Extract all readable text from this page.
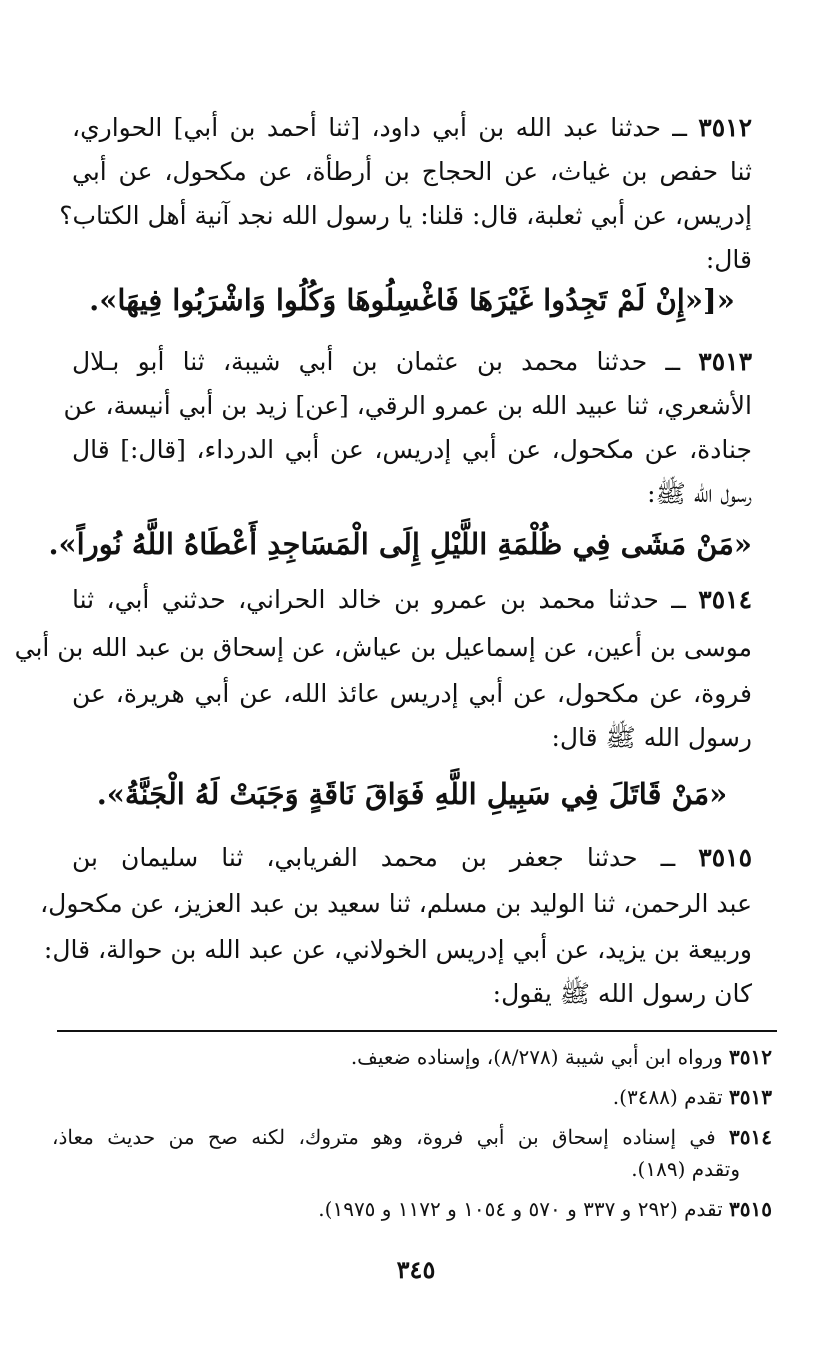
٣٥١٢ ــ حدثنا عبد الله بن أبي داود، [ثنا أحمد بن أبي] الحواري،
ثنا حفص بن غياث، عن الحجاج بن أرطأة، عن مكحول، عن أبي
إدريس، عن أبي ثعلبة، قال: قلنا: يا رسول الله نجد آنية أهل الكتاب؟
قال:
«[«إِنْ لَمْ تَجِدُوا غَيْرَهَا فَاغْسِلُوهَا وَكُلُوا وَاشْرَبُوا فِيهَا».
٣٥١٣ ــ حدثنا محمد بن عثمان بن أبي شيبة، ثنا أبو بـلال
الأشعري، ثنا عبيد الله بن عمرو الرقي، [عن] زيد بن أبي أنيسة، عن
جنادة، عن مكحول، عن أبي إدريس، عن أبي الدرداء، [قال:] قال
رسول الله ﷺ:
«مَنْ مَشَى فِي ظُلْمَةِ اللَّيْلِ إِلَى الْمَسَاجِدِ أَعْطَاهُ اللَّهُ نُوراً».
٣٥١٤ ــ حدثنا محمد بن عمرو بن خالد الحراني، حدثني أبي، ثنا
موسى بن أعين، عن إسماعيل بن عياش، عن إسحاق بن عبد الله بن أبي
فروة، عن مكحول، عن أبي إدريس عائذ الله، عن أبي هريرة، عن
رسول الله ﷺ قال:
«مَنْ قَاتَلَ فِي سَبِيلِ اللَّهِ فَوَاقَ نَاقَةٍ وَجَبَتْ لَهُ الْجَنَّةُ».
٣٥١٥ ــ حدثنا جعفر بن محمد الفريابي، ثنا سليمان بن
عبد الرحمن، ثنا الوليد بن مسلم، ثنا سعيد بن عبد العزيز، عن مكحول،
وربيعة بن يزيد، عن أبي إدريس الخولاني، عن عبد الله بن حوالة، قال:
كان رسول الله ﷺ يقول:
٣٥١٢ ورواه ابن أبي شيبة (٨/٢٧٨)، وإسناده ضعيف.
٣٥١٣ تقدم (٣٤٨٨).
٣٥١٤ في إسناده إسحاق بن أبي فروة، وهو متروك، لكنه صح من حديث معاذ،
وتقدم (١٨٩).
٣٥١٥ تقدم (٢٩٢ و ٣٣٧ و ٥٧٠ و ١٠٥٤ و ١١٧٢ و ١٩٧٥).
٣٤٥
